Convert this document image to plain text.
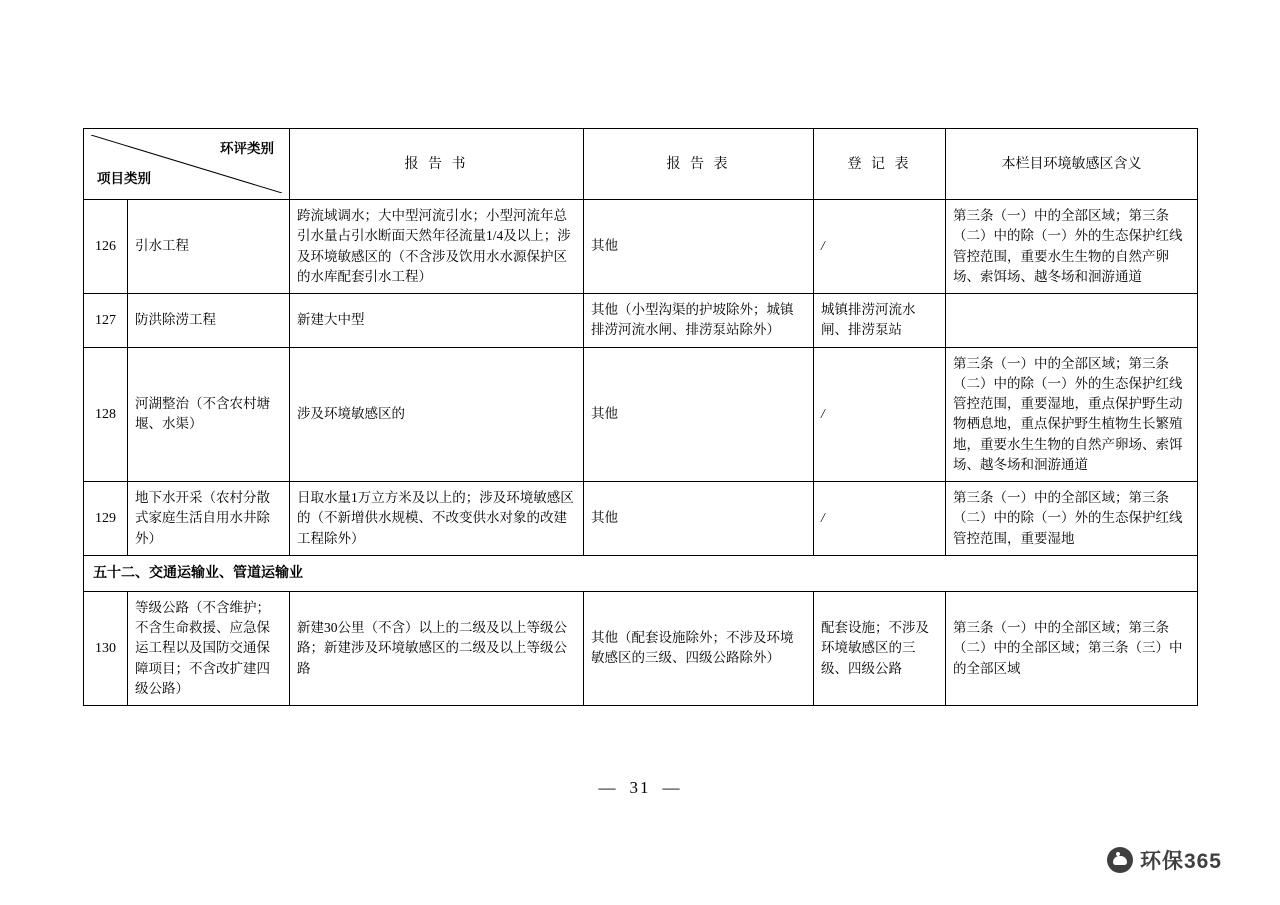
环评类别
项目类别		报 告 书	报 告 表	登 记 表	本栏目环境敏感区含义
126	引水工程	跨流域调水；大中型河流引水；小型河流年总引水量占引水断面天然年径流量1/4及以上；涉及环境敏感区的（不含涉及饮用水水源保护区的水库配套引水工程）	其他	/	第三条（一）中的全部区域；第三条（二）中的除（一）外的生态保护红线管控范围，重要水生生物的自然产卵场、索饵场、越冬场和洄游通道
127	防洪除涝工程	新建大中型	其他（小型沟渠的护坡除外；城镇排涝河流水闸、排涝泵站除外）	城镇排涝河流水闸、排涝泵站	
128	河湖整治（不含农村塘堰、水渠）	涉及环境敏感区的	其他	/	第三条（一）中的全部区域；第三条（二）中的除（一）外的生态保护红线管控范围，重要湿地，重点保护野生动物栖息地，重点保护野生植物生长繁殖地，重要水生生物的自然产卵场、索饵场、越冬场和洄游通道
129	地下水开采（农村分散式家庭生活自用水井除外）	日取水量1万立方米及以上的；涉及环境敏感区的（不新增供水规模、不改变供水对象的改建工程除外）	其他	/	第三条（一）中的全部区域；第三条（二）中的除（一）外的生态保护红线管控范围，重要湿地
五十二、交通运输业、管道运输业					
130	等级公路（不含维护；不含生命救援、应急保运工程以及国防交通保障项目；不含改扩建四级公路）	新建30公里（不含）以上的二级及以上等级公路；新建涉及环境敏感区的二级及以上等级公路	其他（配套设施除外；不涉及环境敏感区的三级、四级公路除外）	配套设施；不涉及环境敏感区的三级、四级公路	第三条（一）中的全部区域；第三条（二）中的全部区域；第三条（三）中的全部区域
— 31 —
环保365
